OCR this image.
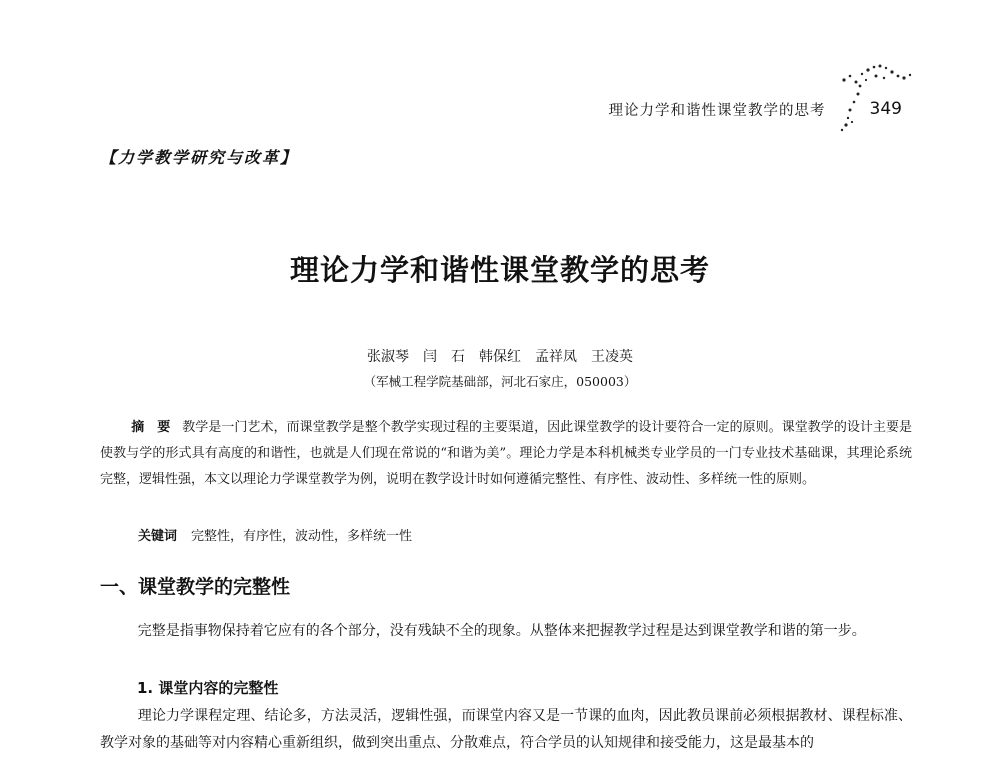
理论力学和谐性课堂教学的思考	349
【力学教学研究与改革】
理论力学和谐性课堂教学的思考
张淑琴　闫　石　韩保红　孟祥凤　王凌英
（军械工程学院基础部，河北石家庄，050003）
摘　要 教学是一门艺术，而课堂教学是整个教学实现过程的主要渠道，因此课堂教学的设计要符合一定的原则。课堂教学的设计主要是使教与学的形式具有高度的和谐性，也就是人们现在常说的“和谐为美”。理论力学是本科机械类专业学员的一门专业技术基础课，其理论系统完整，逻辑性强，本文以理论力学课堂教学为例，说明在教学设计时如何遵循完整性、有序性、波动性、多样统一性的原则。
关键词 完整性，有序性，波动性，多样统一性
一、课堂教学的完整性
完整是指事物保持着它应有的各个部分，没有残缺不全的现象。从整体来把握教学过程是达到课堂教学和谐的第一步。
1. 课堂内容的完整性
理论力学课程定理、结论多，方法灵活，逻辑性强，而课堂内容又是一节课的血肉，因此教员课前必须根据教材、课程标准、教学对象的基础等对内容精心重新组织，做到突出重点、分散难点，符合学员的认知规律和接受能力，这是最基本的
